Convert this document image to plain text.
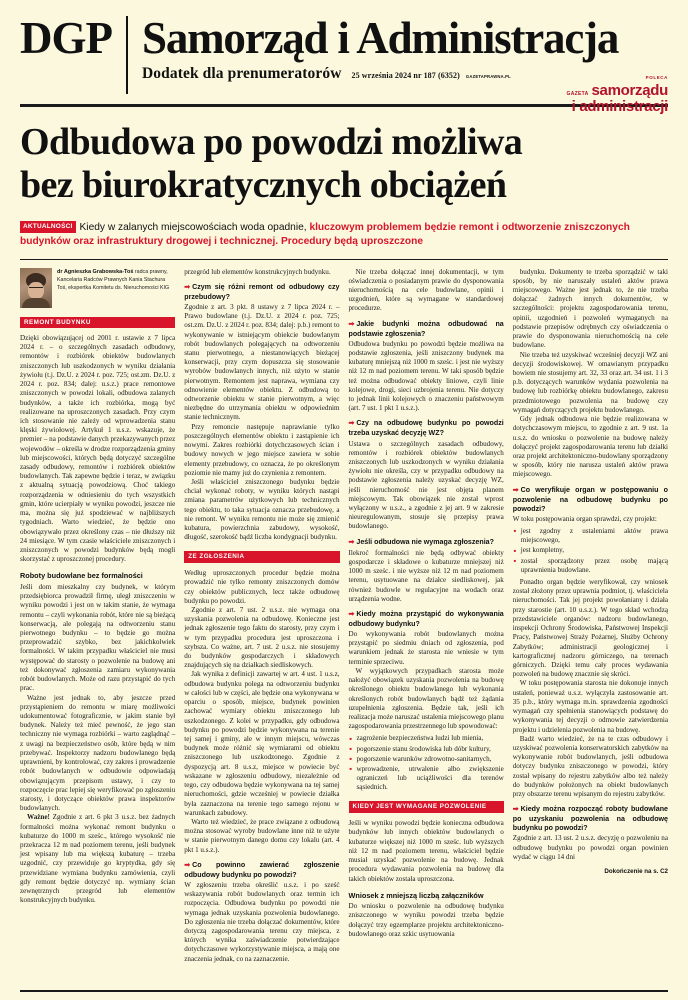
DGP Samorząd i Administracja
Dodatek dla prenumeratorów 25 września 2024 nr 187 (6352) GAZETAPRAWNA.PL	POLECA
GAZETA samorządu
i administracji
Odbudowa po powodzi możliwa
bez biurokratycznych obciążeń
AKTUALNOŚCI Kiedy w zalanych miejscowościach woda opadnie, kluczowym problemem będzie remont i odtworzenie zniszczonych budynków oraz infrastruktury drogowej i technicznej. Procedury będą uproszczone
dr Agnieszka Grabowska-Toś radca prawny, Kancelaria Radców Prawnych Kania Stachura Toś, ekspertka Komitetu ds. Nieruchomości KIG
REMONT BUDYNKU

Dzięki obowiązującej od 2001 r. ustawie z 7 lipca 2024 r. – o szczególnych zasadach odbudowy, remontów i rozbiórek obiektów budowlanych zniszczonych lub uszkodzonych w wyniku działania żywiołu (t.j. Dz.U. z 2024 r. poz. 725; ost.zm. Dz.U. z 2024 r. poz. 834; dalej: u.s.z.) prace remontowe zniszczonych w powodzi lokali, odbudowa zalanych budynków, a także ich rozbiórka, mogą być realizowane na uproszczonych zasadach. Przy czym ich stosowanie nie zależy od wprowadzenia stanu klęski żywiołowej. Artykuł 1 u.s.z. wskazuje, że premier – na podstawie danych przekazywanych przez wojewodów – określa w drodze rozporządzenia gminy lub miejscowości, których będą dotyczyć szczególne zasady odbudowy, remontów i rozbiórek obiektów budowlanych. Tak zapewne będzie i teraz, w związku z aktualną sytuacją powodziową. Choć takiego rozporządzenia w odniesieniu do tych wszystkich gmin, które ucierpiały w wyniku powodzi, jeszcze nie ma, można się już spodziewać w najbliższych tygodniach. Warto wiedzieć, że będzie ono obowiązywało przez określony czas – nie dłuższy niż 24 miesiące. W tym czasie właściciele zniszczonych i zniszczonych w powodzi budynków będą mogli skorzystać z uproszczonej procedury.

Roboty budowlane bez formalności

Jeśli dom mieszkalny czy budynek, w którym przedsiębiorca prowadził firmę, uległ zniszczeniu w wyniku powodzi i jest on w takim stanie, że wymaga remontu – czyli wykonania robót, które nie są bieżącą konserwacją, ale polegają na odtworzeniu stanu pierwotnego budynku – to będzie go można przeprowadzić szybko, bez jakichkolwiek formalności. W takim przypadku właściciel nie musi występować do starosty o pozwolenie na budowę ani też dokonywać zgłoszenia zamiaru wykonywania robót budowlanych. Może od razu przystąpić do tych prac.

Ważne jest jednak to, aby jeszcze przed przystąpieniem do remontu w miarę możliwości udokumentować fotograficznie, w jakim stanie był budynek. Należy też mieć pewność, że jego stan techniczny nie wymaga rozbiórki – warto zaglądnąć – z uwagi na bezpieczeństwo osób, które będą w nim przebywać. Inspektorzy nadzoru budowlanego będą uprawnieni, by kontrolować, czy zakres i prowadzenie robót budowlanych w odbudowie odpowiadają obowiązującym przepisom ustawy, i czy to rozpoczęcie prac lepiej się weryfikować po zgłoszeniu starosty, i dotyczące obiektów prawa inspektorów budowlanych.

Ważne! Zgodnie z art. 6 pkt 3 u.s.z. bez żadnych formalności można wykonać remont budynku o kubaturze do 1000 m sześc., którego wysokość nie przekracza 12 m nad poziomem terenu, jeśli budynek jest wpisany lub ma większą kubaturę – trzeba uzgodnić, czy przewiduje go kryptydka, gdy się przewidziane wymiana budynku zamówienia, czyli gdy remont będzie dotyczyć np. wymiany ścian zewnętrznych przegród lub elementów konstrukcyjnych budynku.

przegród lub elementów konstrukcyjnych budynku.

➡ Czym się różni remont od odbudowy czy przebudowy?

Zgodnie z art. 3 pkt. 8 ustawy z 7 lipca 2024 r. – Prawo budowlane (t.j. Dz.U. z 2024 r. poz. 725; ost.zm. Dz.U. z 2024 r. poz. 834; dalej: p.b.) remont to wykonywanie w istniejącym obiekcie budowlanym robót budowlanych polegających na odtworzeniu stanu pierwotnego, a niestanowiących bieżącej konserwacji, przy czym dopuszcza się stosowanie wyrobów budowlanych innych, niż użyto w stanie pierwotnym. Remontem jest naprawa, wymiana czy odnowienie elementów obiektu. Z odbudową to odtworzenie obiektu w stanie pierwotnym, a więc niezbędne do utrzymania obiektu w odpowiednim stanie technicznym.

Przy remoncie następuje naprawianie tylko poszczególnych elementów obiektu i zastąpienie ich nowymi. Zakres rozbiórki dotychczasowych ścian i budowy nowych w jego miejsce zawiera w sobie elementy przebudowy, co oznacza, że po określonym poziomie nie mamy już do czynienia z remontem.

Jeśli właściciel zniszczonego budynku będzie chciał wykonać roboty, w wyniku których nastąpi zmiana parametrów użytkowych lub technicznych tego obiektu, to taka sytuacja oznacza przebudowę, a nie remont. W wyniku remontu nie może się zmienić kubatura, powierzchnia zabudowy, wysokość, długość, szerokość bądź liczba kondygnacji budynku.

ZE ZGŁOSZENIA

Według uproszczonych procedur będzie można prowadzić nie tylko remonty zniszczonych domów czy obiektów publicznych, lecz także odbudowę budynku po powodzi.

Zgodnie z art. 7 ust. 2 u.s.z. nie wymaga ona uzyskania pozwolenia na odbudowę. Konieczne jest jednak zgłoszenie tego faktu do starosty, przy czym i w tym przypadku procedura jest uproszczona i szybsza. Co ważne, art. 7 ust. 2 u.s.z. nie stosujemy do budynków gospodarczych i składowych znajdujących się na działkach siedliskowych.

Jak wynika z definicji zawartej w art. 4 ust. 1 u.s.z, odbudowa budynku polega na odtworzeniu budynku w całości lub w części, ale będzie ona wykonywana w oparciu o sposób, miejsce, budynek powinien zachować wymiary obiektu zniszczonego lub uszkodzonego. Z kolei w przypadku, gdy odbudowa budynku po powodzi będzie wykonywana na terenie tej samej i gminy, ale w innym miejscu, wówczas budynek może różnić się wymiarami od obiektu zniszczonego lub uszkodzonego. Zgodnie z dyspozycją art. 8 u.s.z, miejsce w powiecie być wskazane w zgłoszeniu odbudowy, niezależnie od tego, czy odbudowa będzie wykonywana na tej samej nieruchomości, gdzie wcześniej w powiecie działka była zaznaczona na terenie tego samego rejonu w warunkach zabudowy.

Warto też wiedzieć, że prace związane z odbudową można stosować wyroby budowlane inne niż te użyte w stanie pierwotnym danego domu czy lokalu (art. 4 pkt 1 u.s.z.).

➡ Co powinno zawierać zgłoszenie odbudowy budynku po powodzi?

W zgłoszeniu trzeba określić u.s.z. i po sześć wskazywania robót budowlanych oraz termin ich rozpoczęcia. Odbudowa budynku po powodzi nie wymaga jednak uzyskania pozwolenia budowlanego. Do zgłoszenia nie trzeba dołączać dokumentów, które dotyczą zagospodarowania terenu czy miejsca, z których wynika zaświadczenie potwierdzające dotychczasowe wykorzystywanie miejsca, a mają one znaczenia jednak, co na zaznaczenie.

Nie trzeba dołączać innej dokumentacji, w tym oświadczenia o posiadanym prawie do dysponowania nieruchomością na cele budowlane, opinii i uzgodnień, które są wymagane w standardowej procedurze.

➡ Jakie budynki można odbudować na podstawie zgłoszenia?

Odbudowa budynku po powodzi będzie możliwa na podstawie zgłoszenia, jeśli zniszczony budynek ma kubaturę mniejszą niż 1000 m sześc. i jest nie wyższy niż 12 m nad poziomem terenu. W taki sposób będzie też można odbudować obiekty liniowe, czyli linie kolejowe, drogi, sieci uzbrojenia terenu. Nie dotyczy to jednak linii kolejowych o znaczeniu państwowym (art. 7 ust. 1 pkt 1 u.s.z.).

➡ Czy na odbudowę budynku po powodzi trzeba uzyskać decyzję WZ?

Ustawa o szczególnych zasadach odbudowy, remontów i rozbiórek obiektów budowlanych zniszczonych lub uszkodzonych w wyniku działania żywiołu nie określa, czy w przypadku odbudowy na podstawie zgłoszenia należy uzyskać decyzję WZ, jeśli nieruchomość nie jest objęta planem miejscowym. Tak obowiązek nie został wprost wyłączony w u.s.z., a zgodnie z jej art. 9 w zakresie nieuregulowanym, stosuje się przepisy prawa budowlanego.

➡ Jeśli odbudowa nie wymaga zgłoszenia?

Ilekroć formalności nie będą odbywać obiekty gospodarcze i składowe o kubaturze mniejszej niż 1000 m sześc. i nie wyższe niż 12 m nad poziomem terenu, usytuowane na działce siedliskowej, jak również budowle w regulacyjne na wodach oraz urządzenia wodne.

➡ Kiedy można przystąpić do wykonywania odbudowy budynku?

Do wykonywania robót budowlanych można przystąpić po siedmiu dniach od zgłoszenia, pod warunkiem jednak że starosta nie wniesie w tym terminie sprzeciwu.

W wyjątkowych przypadkach starosta może nałożyć obowiązek uzyskania pozwolenia na budowę określonego obiektu budowlanego lub wykonania określonych robót budowlanych bądź też żądania uzupełnienia zgłoszenia. Będzie tak, jeśli ich realizacja może naruszać ustalenia miejscowego planu zagospodarowania przestrzennego lub spowodować:

■ zagrożenie bezpieczeństwa ludzi lub mienia,
■ pogorszenie stanu środowiska lub dóbr kultury,
■ pogorszenie warunków zdrowotno-sanitarnych,
■ wprowadzenie, utrwalenie albo zwiększenie ograniczeń lub uciążliwości dla terenów sąsiednich.
KIEDY JEST WYMAGANE POZWOLENIE

Jeśli w wyniku powodzi będzie konieczna odbudowa budynków lub innych obiektów budowlanych o kubaturze większej niż 1000 m sześc. lub wyższych niż 12 m nad poziomem terenu, właściciel będzie musiał uzyskać pozwolenie na budowę. Jednak procedura wydawania pozwolenia na budowę dla takich obiektów została uproszczona.

Wniosek z mniejszą liczbą załączników

Do wniosku o pozwolenie na odbudowę budynku zniszczonego w wyniku powodzi trzeba będzie dołączyć trzy egzemplarze projektu architektoniczno-budowlanego oraz szkic usytuowania

budynku. Dokumenty te trzeba sporządzić w taki sposób, by nie naruszały ustaleń aktów prawa miejscowego. Ważne jest jednak to, że nie trzeba dołączać żadnych innych dokumentów, w szczególności: projektu zagospodarowania terenu, opinii, uzgodnień i pozwoleń wymaganych na podstawie przepisów odrębnych czy oświadczenia o prawie do dysponowania nieruchomością na cele budowlane.

Nie trzeba też uzyskiwać wcześniej decyzji WZ ani decyzji środowiskowej. W omawianym przypadku bowiem nie stosujemy art. 32, 33 oraz art. 34 ust. 1 i 3 p.b. dotyczących warunków wydania pozwolenia na budowę lub rozbiórkę obiektu budowlanego, zakresu przedmiotowego pozwolenia na budowę czy wymagań dotyczących projektu budowlanego.

Gdy jednak odbudowa nie będzie realizowana w dotychczasowym miejscu, to zgodnie z art. 9 ust. 1a u.s.z. do wniosku o pozwolenie na budowę należy dołączyć projekt zagospodarowania terenu lub działki oraz projekt architektoniczno-budowlany sporządzony w sposób, który nie narusza ustaleń aktów prawa miejscowego.

➡ Co weryfikuje organ w postępowaniu o pozwolenie na odbudowę budynku po powodzi?

W toku postępowania organ sprawdzi, czy projekt:

■ jest zgodny z ustaleniami aktów prawa miejscowego,
■ jest kompletny,
■ został sporządzony przez osobę mającą uprawnienia budowlane.

Ponadto organ będzie weryfikował, czy wniosek został złożony przez uprawnia podmiot, tj. właściciela nieruchomości. Tak jej projekt powołaniany i działa przy starostie (art. 10 u.s.z.). W tego skład wchodzą przedstawiciele organów: nadzoru budowlanego, inspekcji Ochrony Środowiska, Państwowej Inspekcji Pracy, Państwowej Straży Pożarnej, Służby Ochrony Zabytków; administracji geologicznej i kartograficznej nadzoru górniczego, na terenach górniczych. Dzięki temu cały proces wydawania pozwoleń na budowę znacznie się skróci.

W toku postępowania starosta nie dokonuje innych ustaleń, ponieważ u.s.z. wyłączyła zastosowanie art. 35 p.b., który wymaga m.in. sprawdzenia zgodności wymagań czy spełnienia stanowiących podstawę do wykonywania tej decyzji o odmowie zatwierdzenia projektu i udzielenia pozwolenia na budowę.

Badź warto wiedzieć, że na te czas odbudowy i uzyskiwać pozwolenia konserwatorskich zabytków na wykonywanie robót budowlanych, jeśli odbudowa dotyczy budynku zniszczonego w powodzi, który został wpisany do rejestru zabytków albo też należy do budynków położonych na obiekt budowlanych przy obszarze terenu wpisanym do rejestru zabytków.

➡ Kiedy można rozpocząć roboty budowlane po uzyskaniu pozwolenia na odbudowę budynku po powodzi?

Zgodnie z art. 13 ust. 2 u.s.z. decyzję o pozwoleniu na odbudowę budynku po powodzi organ powinien wydać w ciągu 14 dni

Dokończenie na s. C2
